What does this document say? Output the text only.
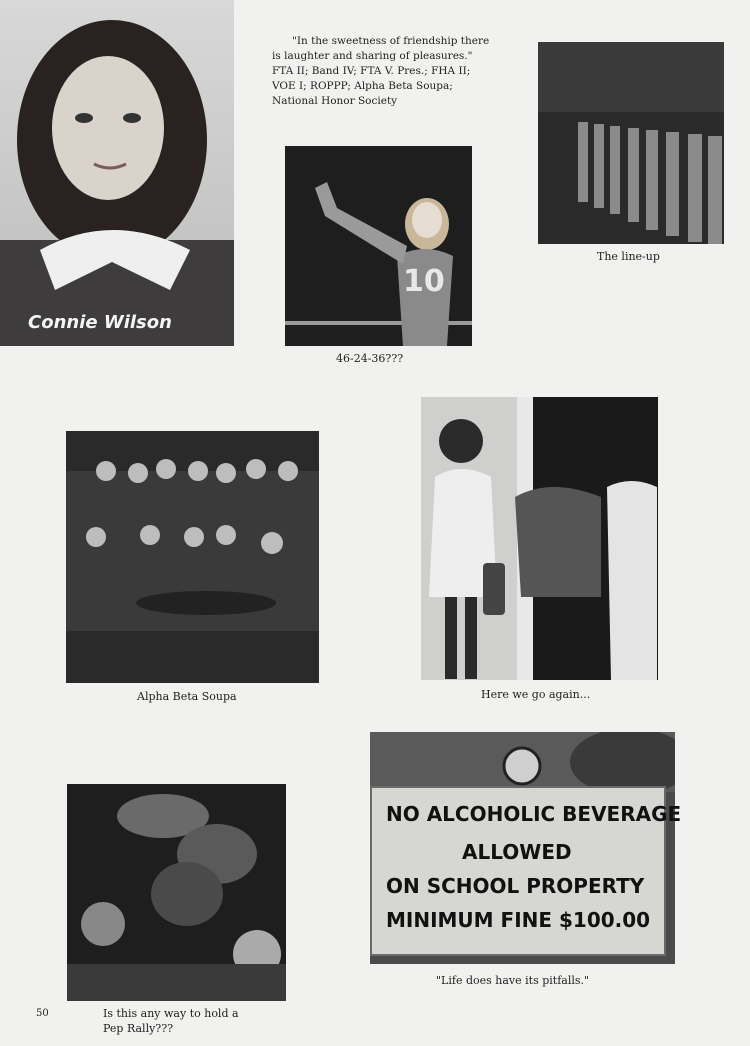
Connie Wilson
"In the sweetness of friendship there
is laughter and sharing of pleasures."
FTA II; Band IV; FTA V. Pres.; FHA II;
VOE I; ROPPP; Alpha Beta Soupa;
National Honor Society
10
46-24-36???
The line-up
Alpha Beta Soupa	Here we go again...
50	Is this any way to hold a
Pep Rally???
NO ALCOHOLIC BEVERAGE
ALLOWED
ON SCHOOL PROPERTY
MINIMUM FINE $100.00
"Life does have its pitfalls."
